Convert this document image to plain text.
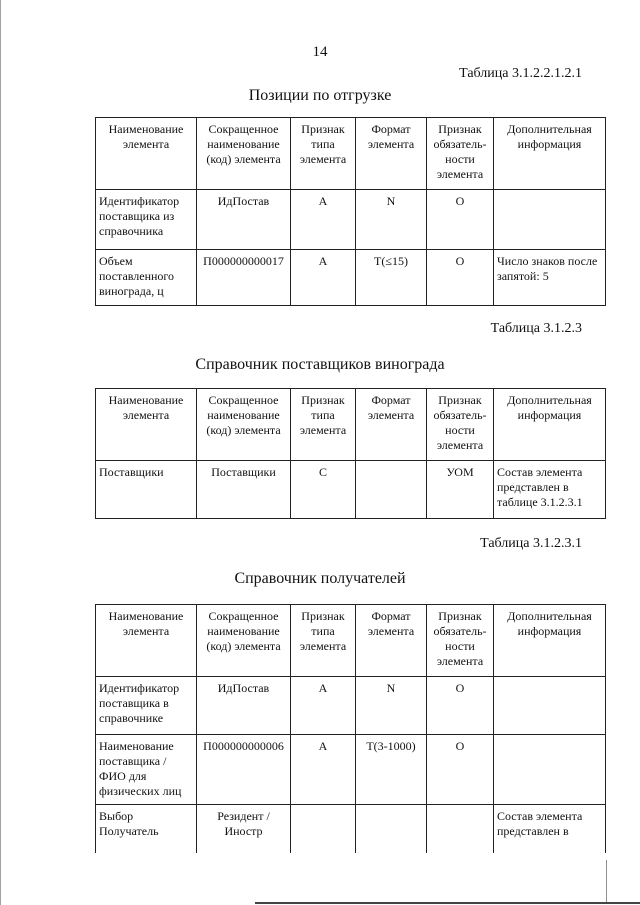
14
Таблица 3.1.2.2.1.2.1
Позиции по отгрузке
Наименование элемента	Сокращенное наименование (код) элемента	Признак типа элемента	Формат элемента	Признак обязатель-ности элемента	Дополнительная информация
Идентификатор поставщика из справочника	ИдПостав	А	N	О	
Объем поставленного винограда, ц	П000000000017	А	T(≤15)	О	Число знаков после запятой: 5
Таблица 3.1.2.3
Справочник поставщиков винограда
Наименование элемента	Сокращенное наименование (код) элемента	Признак типа элемента	Формат элемента	Признак обязатель-ности элемента	Дополнительная информация
Поставщики	Поставщики	С		УОМ	Состав элемента представлен в таблице 3.1.2.3.1
Таблица 3.1.2.3.1
Справочник получателей
Наименование элемента	Сокращенное наименование (код) элемента	Признак типа элемента	Формат элемента	Признак обязатель-ности элемента	Дополнительная информация
Идентификатор поставщика в справочнике	ИдПостав	А	N	О	
Наименование поставщика / ФИО для физических лиц	П000000000006	А	T(3-1000)	О	
Выбор Получатель	Резидент / Иностр				Состав элемента представлен в
